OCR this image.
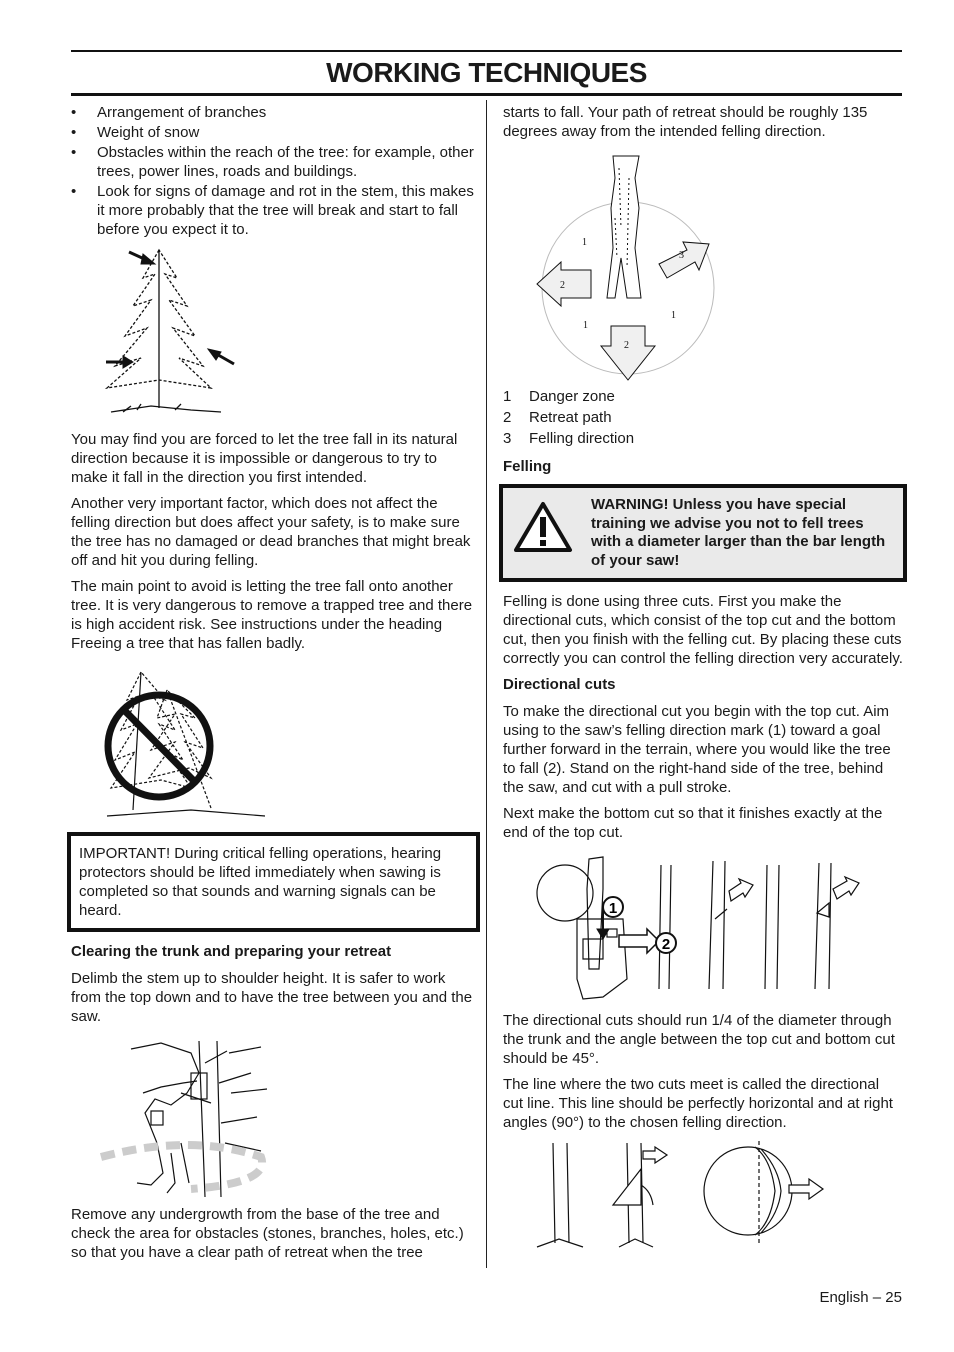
WORKING TECHNIQUES
• Arrangement of branches
• Weight of snow
• Obstacles within the reach of the tree: for example, other trees, power lines, roads and buildings.
• Look for signs of damage and rot in the stem, this makes it more probably that the tree will break and start to fall before you expect it to.

You may find you are forced to let the tree fall in its natural direction because it is impossible or dangerous to try to make it fall in the direction you first intended.

Another very important factor, which does not affect the felling direction but does affect your safety, is to make sure the tree has no damaged or dead branches that might break off and hit you during felling.

The main point to avoid is letting the tree fall onto another tree. It is very dangerous to remove a trapped tree and there is high accident risk. See instructions under the heading Freeing a tree that has fallen badly.

IMPORTANT! During critical felling operations, hearing protectors should be lifted immediately when sawing is completed so that sounds and warning signals can be heard.
Clearing the trunk and preparing your retreat

Delimb the stem up to shoulder height. It is safer to work from the top down and to have the tree between you and the saw.

Remove any undergrowth from the base of the tree and check the area for obstacles (stones, branches, holes, etc.) so that you have a clear path of retreat when the tree

starts to fall. Your path of retreat should be roughly 135 degrees away from the intended felling direction.

1
1
1
2
2
3
1	Danger zone
2	Retreat path
3	Felling direction
Felling
WARNING! Unless you have special training we advise you not to fell trees with a diameter larger than the bar length of your saw!

Felling is done using three cuts. First you make the directional cuts, which consist of the top cut and the bottom cut, then you finish with the felling cut. By placing these cuts correctly you can control the felling direction very accurately.

Directional cuts

To make the directional cut you begin with the top cut. Aim using to the saw’s felling direction mark (1) toward a goal further forward in the terrain, where you would like the tree to fall (2). Stand on the right-hand side of the tree, behind the saw, and cut with a pull stroke.

Next make the bottom cut so that it finishes exactly at the end of the top cut.

1
2

The directional cuts should run 1/4 of the diameter through the trunk and the angle between the top cut and bottom cut should be 45°.

The line where the two cuts meet is called the directional cut line. This line should be perfectly horizontal and at right angles (90°) to the chosen felling direction.

English – 25
